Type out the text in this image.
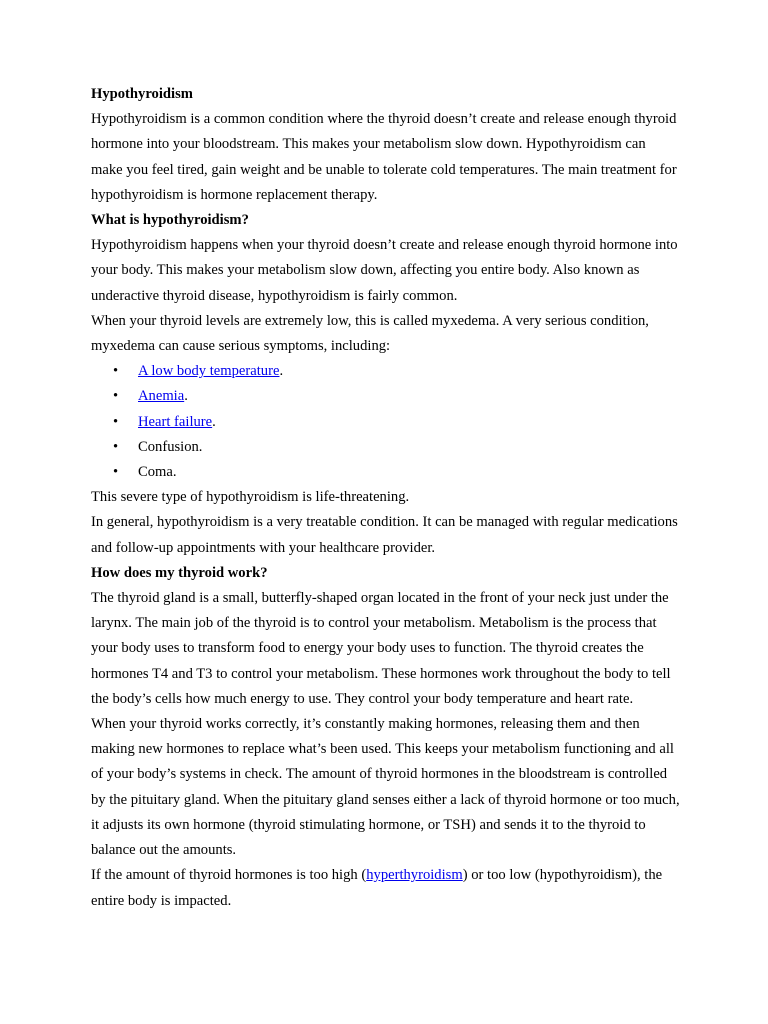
Hypothyroidism

Hypothyroidism is a common condition where the thyroid doesn’t create and release enough thyroid hormone into your bloodstream. This makes your metabolism slow down. Hypothyroidism can make you feel tired, gain weight and be unable to tolerate cold temperatures. The main treatment for hypothyroidism is hormone replacement therapy.

What is hypothyroidism?

Hypothyroidism happens when your thyroid doesn’t create and release enough thyroid hormone into your body. This makes your metabolism slow down, affecting you entire body. Also known as underactive thyroid disease, hypothyroidism is fairly common.

When your thyroid levels are extremely low, this is called myxedema. A very serious condition, myxedema can cause serious symptoms, including:

• A low body temperature.
• Anemia.
• Heart failure.
• Confusion.
• Coma.

This severe type of hypothyroidism is life-threatening.

In general, hypothyroidism is a very treatable condition. It can be managed with regular medications and follow-up appointments with your healthcare provider.

How does my thyroid work?

The thyroid gland is a small, butterfly-shaped organ located in the front of your neck just under the larynx. The main job of the thyroid is to control your metabolism. Metabolism is the process that your body uses to transform food to energy your body uses to function. The thyroid creates the hormones T4 and T3 to control your metabolism. These hormones work throughout the body to tell the body’s cells how much energy to use. They control your body temperature and heart rate.

When your thyroid works correctly, it’s constantly making hormones, releasing them and then making new hormones to replace what’s been used. This keeps your metabolism functioning and all of your body’s systems in check. The amount of thyroid hormones in the bloodstream is controlled by the pituitary gland. When the pituitary gland senses either a lack of thyroid hormone or too much, it adjusts its own hormone (thyroid stimulating hormone, or TSH) and sends it to the thyroid to balance out the amounts.

If the amount of thyroid hormones is too high (hyperthyroidism) or too low (hypothyroidism), the entire body is impacted.
